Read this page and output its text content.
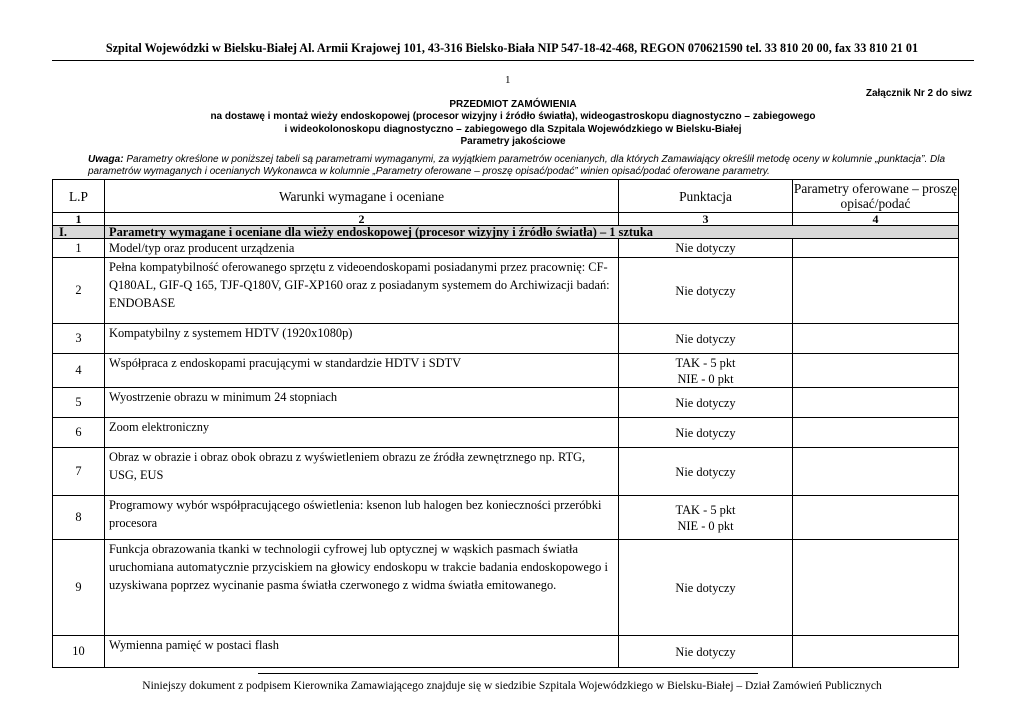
Szpital Wojewódzki w Bielsku-Białej Al. Armii Krajowej 101, 43-316 Bielsko-Biała NIP 547-18-42-468, REGON 070621590 tel. 33 810 20 00, fax 33 810 21 01
1
Załącznik Nr 2 do siwz
PRZEDMIOT ZAMÓWIENIA
na dostawę i montaż wieży endoskopowej (procesor wizyjny i źródło światła), wideogastroskopu diagnostyczno – zabiegowego
i wideokolonoskopu diagnostyczno – zabiegowego dla Szpitala Wojewódzkiego w Bielsku-Białej
Parametry jakościowe
Uwaga: Parametry określone w poniższej tabeli są parametrami wymaganymi, za wyjątkiem parametrów ocenianych, dla których Zamawiający określił metodę oceny w kolumnie „punktacja”. Dla parametrów wymaganych i ocenianych Wykonawca w kolumnie „Parametry oferowane – proszę opisać/podać” winien opisać/podać oferowane parametry.
L.P	Warunki wymagane i oceniane	Punktacja	Parametry oferowane – proszę
opisać/podać

1	2	3	4
I.	Parametry wymagane i oceniane dla wieży endoskopowej (procesor wizyjny i źródło światła) – 1 sztuka		
1	Model/typ oraz producent urządzenia	Nie dotyczy	

2	Pełna kompatybilność oferowanego sprzętu z videoendoskopami posiadanymi przez pracownię: CF-Q180AL, GIF-Q 165, TJF-Q180V, GIF-XP160 oraz z posiadanym systemem do Archiwizacji badań: ENDOBASE	Nie dotyczy	

3	Kompatybilny z systemem HDTV (1920x1080p)	Nie dotyczy	

4	Współpraca z endoskopami pracującymi w standardzie HDTV i SDTV	TAK - 5 pkt
NIE - 0 pkt	

5	Wyostrzenie obrazu w minimum 24 stopniach	Nie dotyczy	

6	Zoom elektroniczny	Nie dotyczy	

7	Obraz w obrazie i obraz obok obrazu z wyświetleniem obrazu ze źródła zewnętrznego np. RTG, USG, EUS	Nie dotyczy	

8	Programowy wybór współpracującego oświetlenia: ksenon lub halogen bez konieczności przeróbki procesora	TAK - 5 pkt
NIE - 0 pkt	

9	Funkcja obrazowania tkanki w technologii cyfrowej lub optycznej w wąskich pasmach światła uruchomiana automatycznie przyciskiem na głowicy endoskopu w trakcie badania endoskopowego i uzyskiwana poprzez wycinanie pasma światła czerwonego z widma światła emitowanego.	Nie dotyczy	

10	Wymienna pamięć w postaci flash	Nie dotyczy	

Niniejszy dokument z podpisem Kierownika Zamawiającego znajduje się w siedzibie Szpitala Wojewódzkiego w Bielsku-Białej – Dział Zamówień Publicznych
